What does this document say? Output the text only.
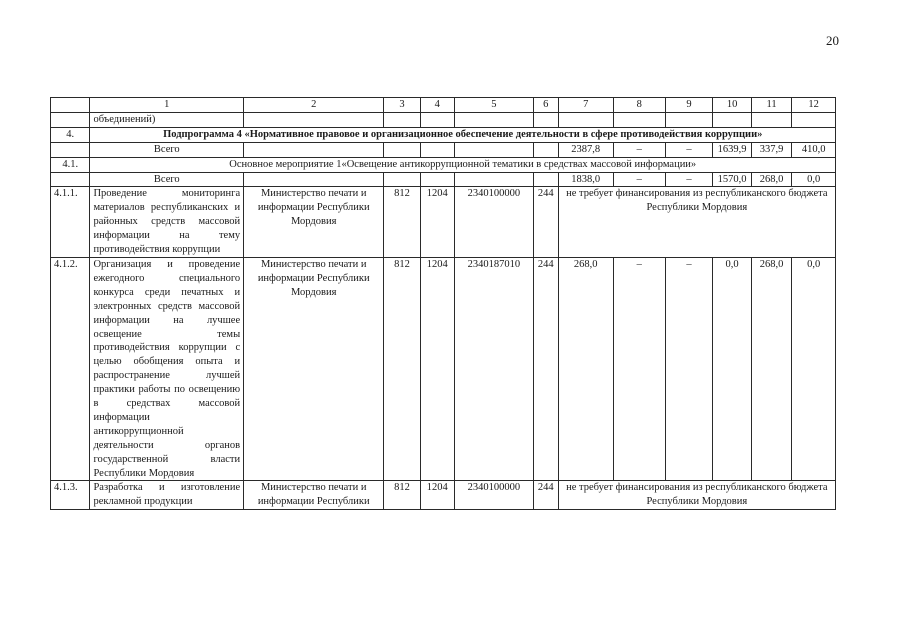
20
	1	2	3	4	5	6	7	8	9	10	11	12
	объединений)											
4.	Подпрограмма 4 «Нормативное правовое и организационное обеспечение деятельности в сфере противодействия коррупции»											
	Всего						2387,8	–	–	1639,9	337,9	410,0
4.1.	Основное мероприятие 1«Освещение антикоррупционной тематики в средствах массовой информации»											
	Всего						1838,0	–	–	1570,0	268,0	0,0
4.1.1.	Проведение мониторинга материалов республиканских и районных средств массовой информации на тему противодействия коррупции	Министерство печати и информации Республики Мордовия	812	1204	2340100000	244	не требует финансирования из республиканского бюджета Республики Мордовия					
4.1.2.	Организация и проведение ежегодного специального конкурса среди печатных и электронных средств массовой информации на лучшее освещение темы противодействия коррупции с целью обобщения опыта и распространение лучшей практики работы по освещению в средствах массовой информации антикоррупционной деятельности органов государственной власти Республики Мордовия	Министерство печати и информации Республики Мордовия	812	1204	2340187010	244	268,0	–	–	0,0	268,0	0,0
4.1.3.	Разработка и изготовление рекламной продукции	Министерство печати и информации Республики	812	1204	2340100000	244	не требует финансирования из республиканского бюджета Республики Мордовия					
